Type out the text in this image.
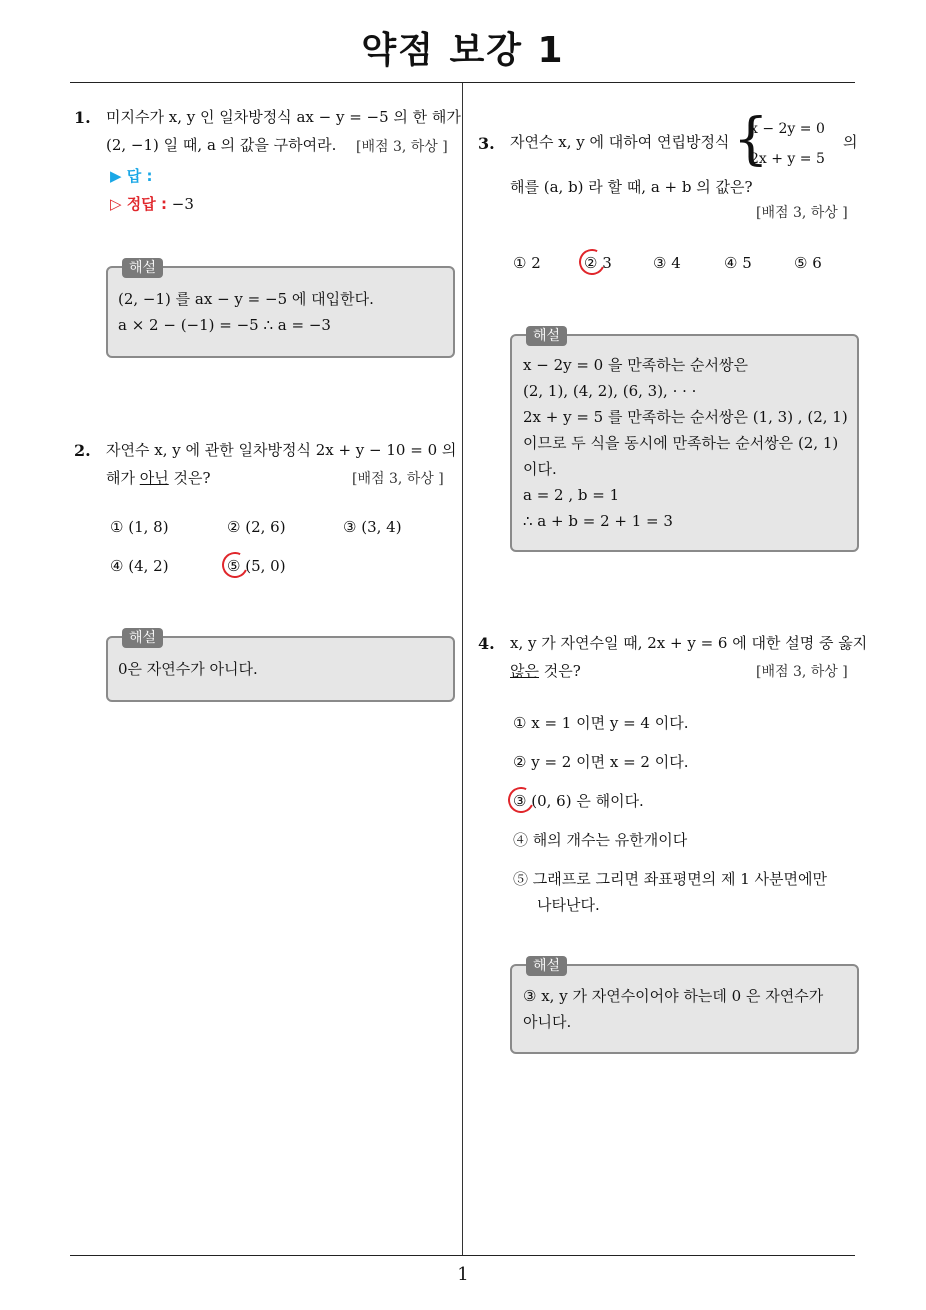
약점 보강 1
1
1. 미지수가 x, y 인 일차방정식 ax − y = −5 의 한 해가
(2, −1) 일 때, a 의 값을 구하여라. [배점 3, 하상 ]
▶ 답 :
▷ 정답 : −3
해설
(2, −1) 를 ax − y = −5 에 대입한다.
a × 2 − (−1) = −5 ∴ a = −3
2. 자연수 x, y 에 관한 일차방정식 2x + y − 10 = 0 의
해가 아닌 것은?	[배점 3, 하상 ]
① (1, 8)	② (2, 6)	③ (3, 4)
④ (4, 2)	⑤ (5, 0)
해설
0은 자연수가 아니다.
3. 자연수 x, y 에 대하여 연립방정식 {
x − 2y = 0
2x + y = 5
의
해를 (a, b) 라 할 때, a + b 의 값은?
[배점 3, 하상 ]
① 2	② 3	③ 4	④ 5	⑤ 6
해설
x − 2y = 0 을 만족하는 순서쌍은
(2, 1), (4, 2), (6, 3), · · ·
2x + y = 5 를 만족하는 순서쌍은 (1, 3) , (2, 1)
이므로 두 식을 동시에 만족하는 순서쌍은 (2, 1)
이다.
a = 2 , b = 1
∴ a + b = 2 + 1 = 3
4. x, y 가 자연수일 때, 2x + y = 6 에 대한 설명 중 옳지
않은 것은?	[배점 3, 하상 ]
① x = 1 이면 y = 4 이다.
② y = 2 이면 x = 2 이다.
③ (0, 6) 은 해이다.
④ 해의 개수는 유한개이다
⑤ 그래프로 그리면 좌표평면의 제 1 사분면에만
나타난다.
해설
③ x, y 가 자연수이어야 하는데 0 은 자연수가
아니다.
